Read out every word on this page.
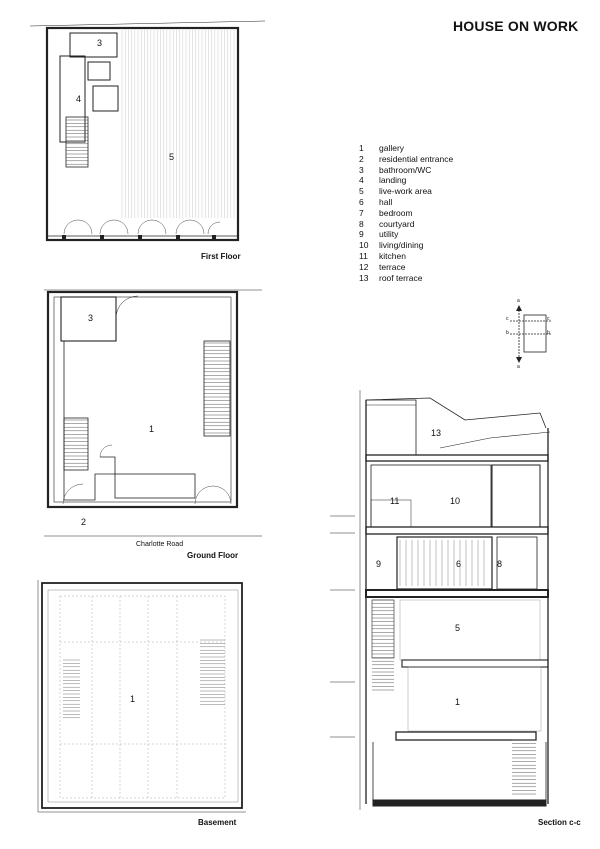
HOUSE ON WORK
1	gallery
2	residential entrance
3	bathroom/WC
4	landing
5	live-work area
6	hall
7	bedroom
8	courtyard
9	utility
10	living/dining
11	kitchen
12	terrace
13	roof terrace
3
4
5
First Floor
3
1
2
Charlotte Road
Ground Floor
1
Basement
c	c
a
a
b	b
13
11	10
9	6	8
5
1
Section c-c
